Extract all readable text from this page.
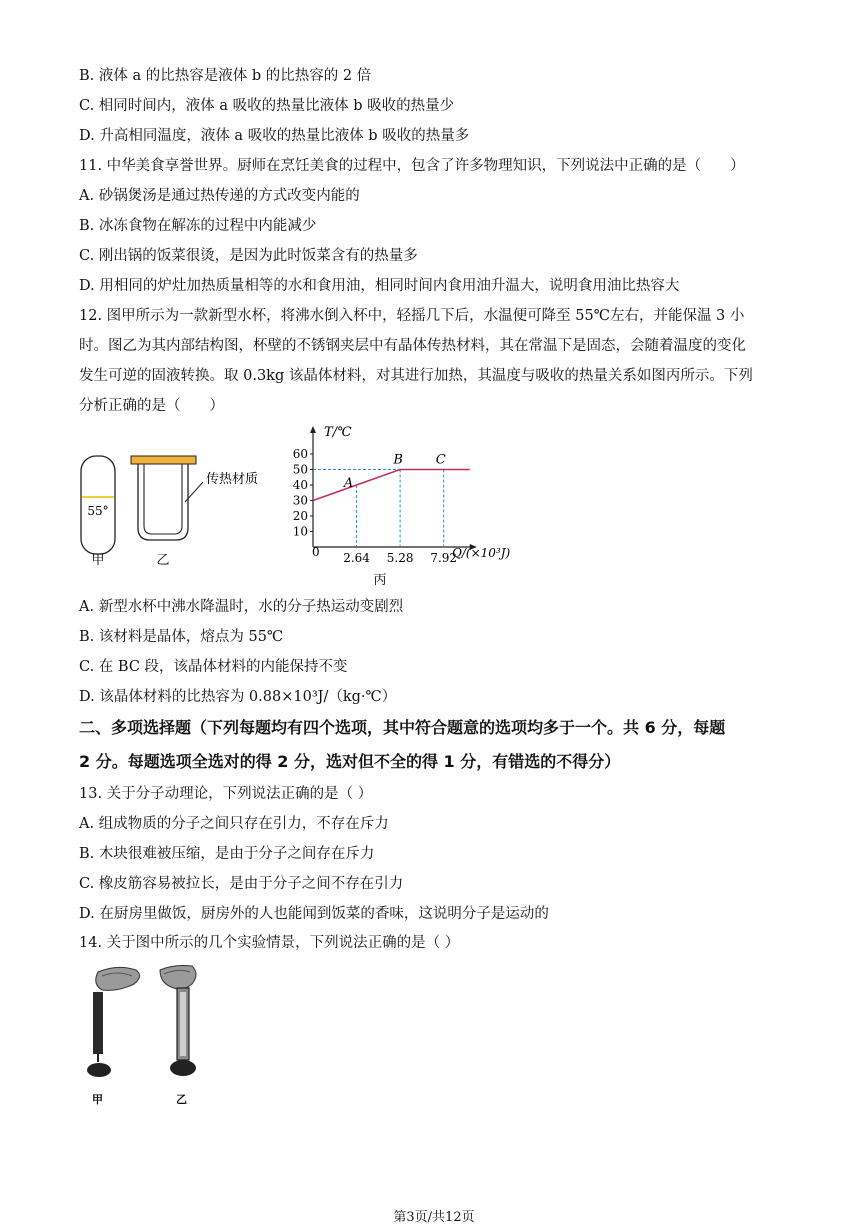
B. 液体 a 的比热容是液体 b 的比热容的 2 倍
C. 相同时间内，液体 a 吸收的热量比液体 b 吸收的热量少
D. 升高相同温度，液体 a 吸收的热量比液体 b 吸收的热量多
11. 中华美食享誉世界。厨师在烹饪美食的过程中，包含了许多物理知识，下列说法中正确的是（　　）
A. 砂锅煲汤是通过热传递的方式改变内能的
B. 冰冻食物在解冻的过程中内能减少
C. 刚出锅的饭菜很烫，是因为此时饭菜含有的热量多
D. 用相同的炉灶加热质量相等的水和食用油，相同时间内食用油升温大，说明食用油比热容大
12. 图甲所示为一款新型水杯，将沸水倒入杯中，轻摇几下后，水温便可降至 55℃左右，并能保温 3 小
时。图乙为其内部结构图，杯壁的不锈钢夹层中有晶体传热材料，其在常温下是固态，会随着温度的变化
发生可逆的固液转换。取 0.3kg 该晶体材料，对其进行加热，其温度与吸收的热量关系如图丙所示。下列
分析正确的是（　　）
55°
甲	乙
传热材质
10
20
30
40
50
60
2.64 5.28 7.92
A
B	C
T/℃
Q/(×10³J)
0
丙
A. 新型水杯中沸水降温时，水的分子热运动变剧烈
B. 该材料是晶体，熔点为 55℃
C. 在 BC 段，该晶体材料的内能保持不变
D. 该晶体材料的比热容为 0.88×10³J/（kg·℃）
二、多项选择题（下列每题均有四个选项，其中符合题意的选项均多于一个。共 6 分，每题
2 分。每题选项全选对的得 2 分，选对但不全的得 1 分，有错选的不得分）
13. 关于分子动理论，下列说法正确的是（ ）
A. 组成物质的分子之间只存在引力，不存在斥力
B. 木块很难被压缩，是由于分子之间存在斥力
C. 橡皮筋容易被拉长，是由于分子之间不存在引力
D. 在厨房里做饭，厨房外的人也能闻到饭菜的香味，这说明分子是运动的
14. 关于图中所示的几个实验情景，下列说法正确的是（ ）
甲	乙
第3页/共12页
